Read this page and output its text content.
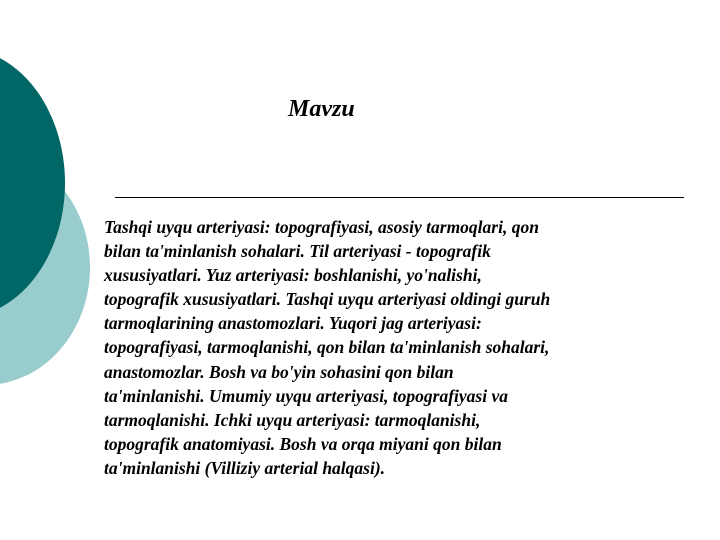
Mavzu
Tashqi uyqu arteriyasi: topografiyasi, asosiy tarmoqlari, qon
bilan ta'minlanish sohalari. Til arteriyasi - topografik
xususiyatlari. Yuz arteriyasi: boshlanishi, yo'nalishi,
topografik xususiyatlari. Tashqi uyqu arteriyasi oldingi guruh
tarmoqlarining anastomozlari. Yuqori jag arteriyasi:
topografiyasi, tarmoqlanishi, qon bilan ta'minlanish sohalari,
anastomozlar. Bosh va bo'yin sohasini qon bilan
ta'minlanishi. Umumiy uyqu arteriyasi, topografiyasi va
tarmoqlanishi. Ichki uyqu arteriyasi: tarmoqlanishi,
topografik anatomiyasi. Bosh va orqa miyani qon bilan
ta'minlanishi (Villiziy arterial halqasi).
